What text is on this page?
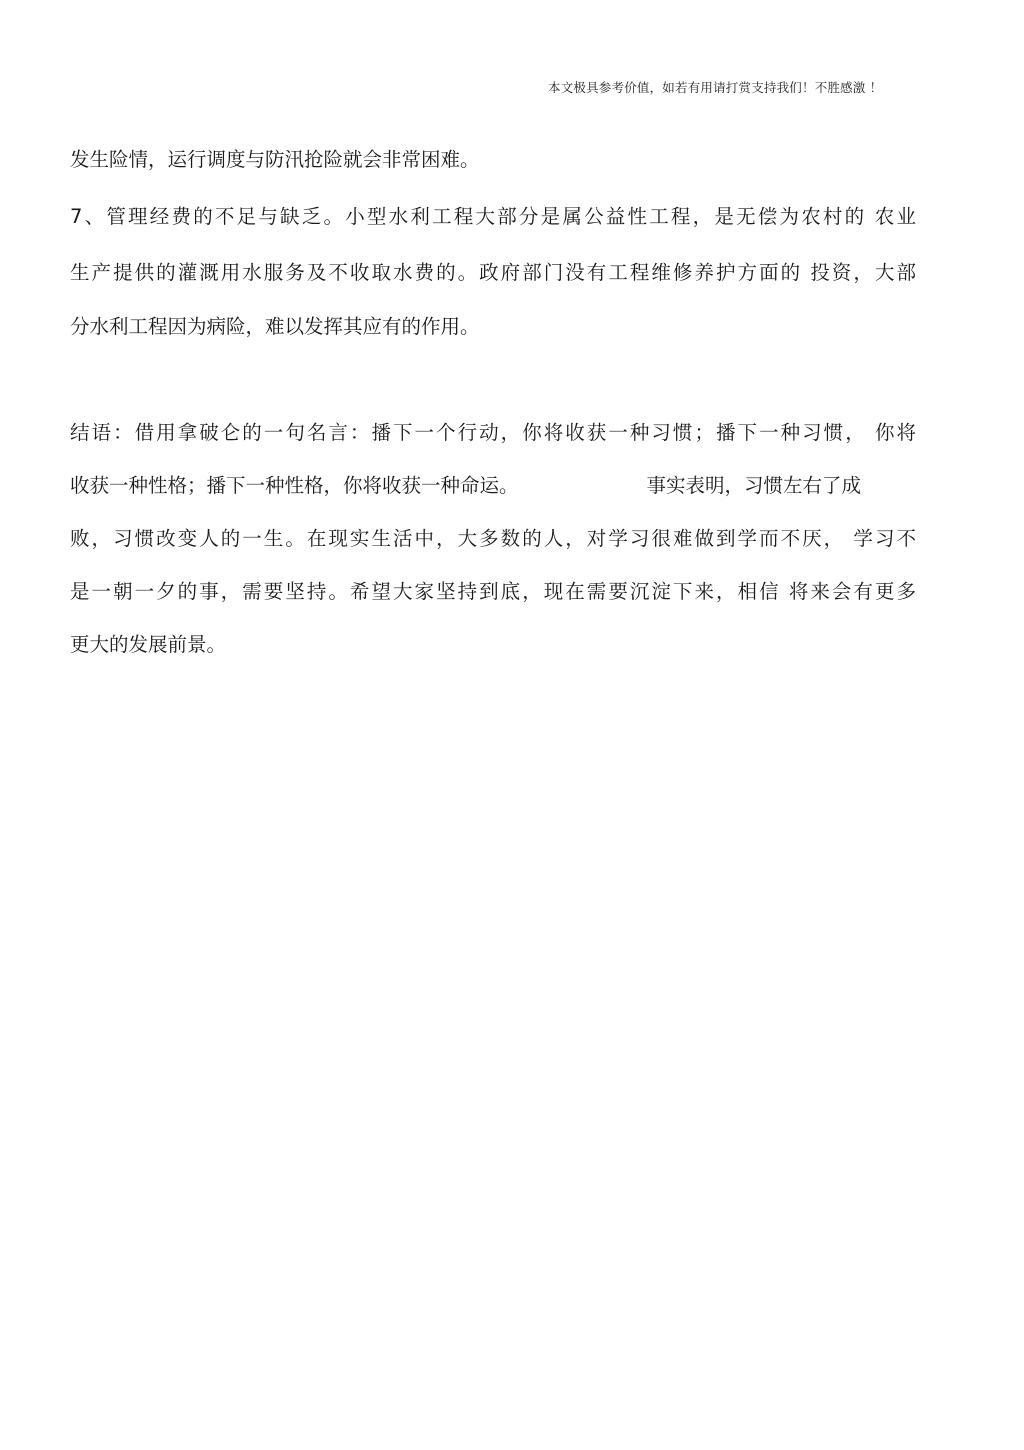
本文极具参考价值，如若有用请打赏支持我们！不胜感激 ！
发生险情，运行调度与防汛抢险就会非常困难。
7、管理经费的不足与缺乏。小型水利工程大部分是属公益性工程，是无偿为农村的 农业
生产提供的灌溉用水服务及不收取水费的。政府部门没有工程维修养护方面的 投资，大部
分水利工程因为病险，难以发挥其应有的作用。
结语：借用拿破仑的一句名言：播下一个行动，你将收获一种习惯；播下一种习惯， 你将
收获一种性格；播下一种性格，你将收获一种命运。	事实表明，习惯左右了成
败，习惯改变人的一生。在现实生活中，大多数的人，对学习很难做到学而不厌， 学习不
是一朝一夕的事，需要坚持。希望大家坚持到底，现在需要沉淀下来，相信 将来会有更多
更大的发展前景。
